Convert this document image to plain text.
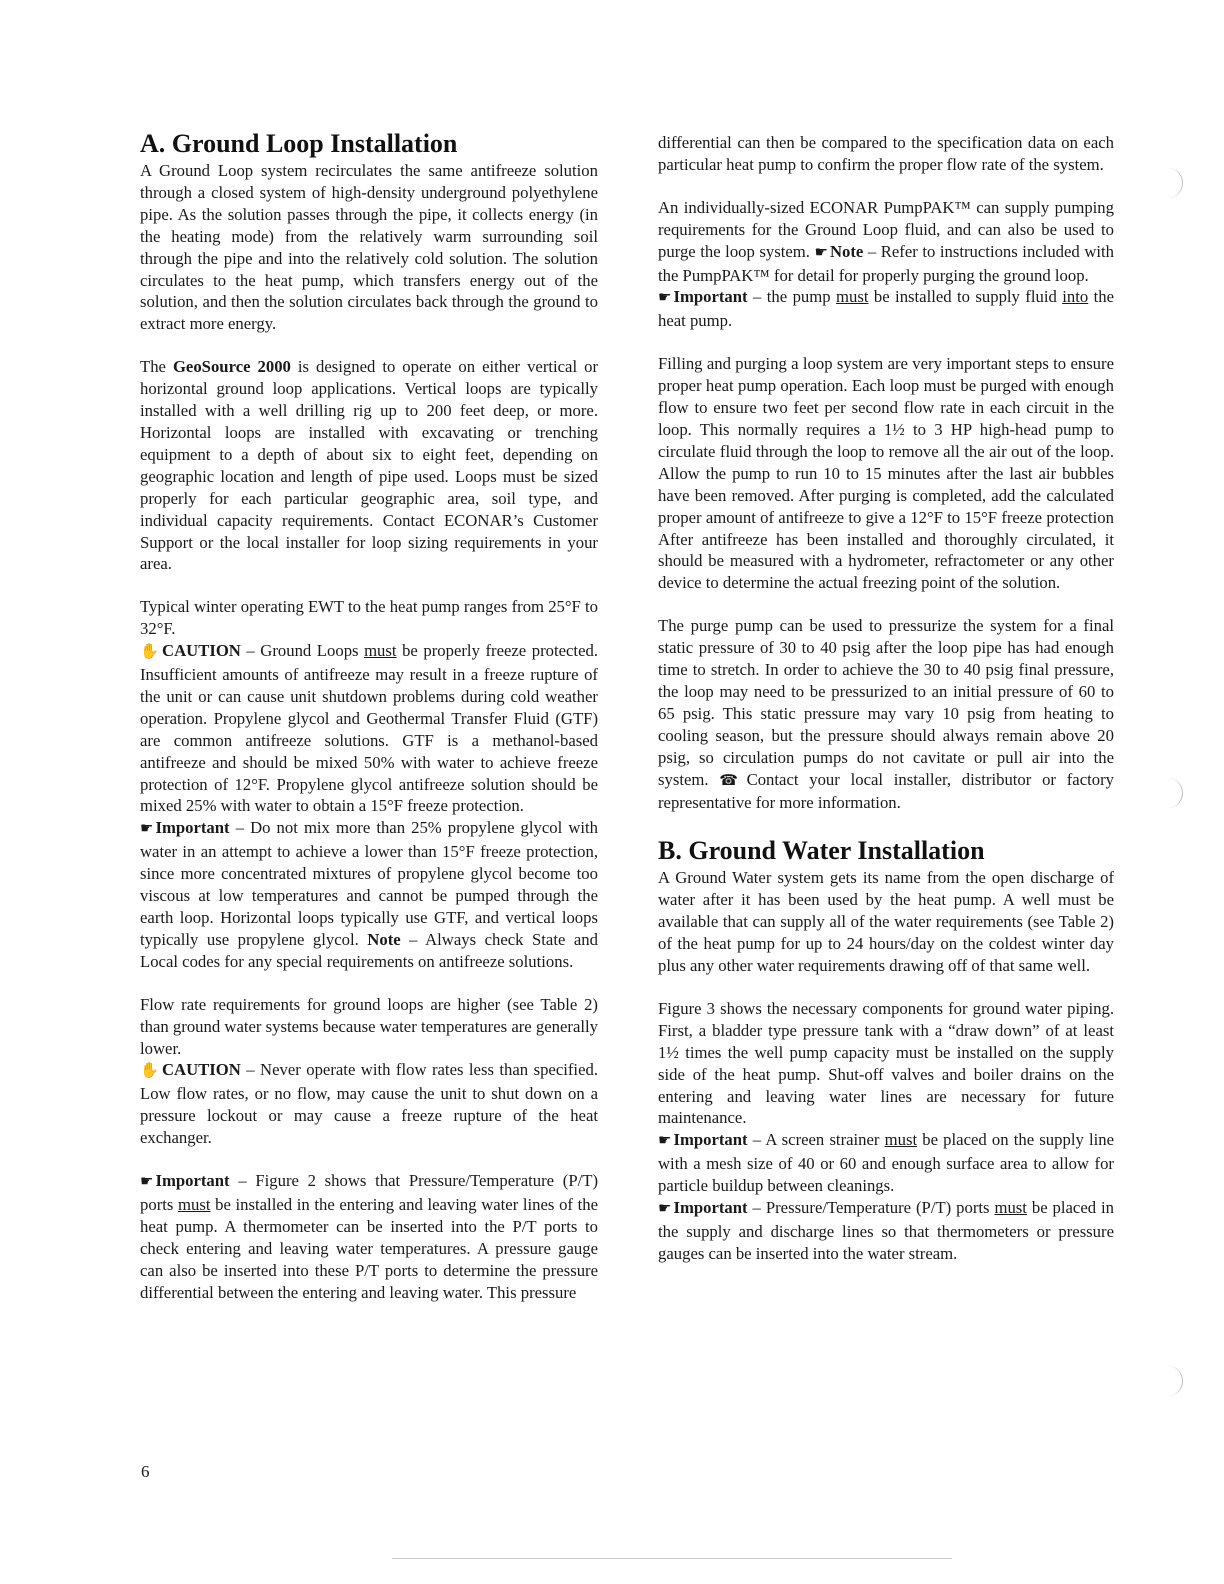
A. Ground Loop Installation

A Ground Loop system recirculates the same antifreeze solution through a closed system of high-density underground polyethylene pipe. As the solution passes through the pipe, it collects energy (in the heating mode) from the relatively warm surrounding soil through the pipe and into the relatively cold solution. The solution circulates to the heat pump, which transfers energy out of the solution, and then the solution circulates back through the ground to extract more energy.

The GeoSource 2000 is designed to operate on either vertical or horizontal ground loop applications. Vertical loops are typically installed with a well drilling rig up to 200 feet deep, or more. Horizontal loops are installed with excavating or trenching equipment to a depth of about six to eight feet, depending on geographic location and length of pipe used. Loops must be sized properly for each particular geographic area, soil type, and individual capacity requirements. Contact ECONAR’s Customer Support or the local installer for loop sizing requirements in your area.

Typical winter operating EWT to the heat pump ranges from 25°F to 32°F.

✋ CAUTION – Ground Loops must be properly freeze protected. Insufficient amounts of antifreeze may result in a freeze rupture of the unit or can cause unit shutdown problems during cold weather operation. Propylene glycol and Geothermal Transfer Fluid (GTF) are common antifreeze solutions. GTF is a methanol-based antifreeze and should be mixed 50% with water to achieve freeze protection of 12°F. Propylene glycol antifreeze solution should be mixed 25% with water to obtain a 15°F freeze protection.

☛ Important – Do not mix more than 25% propylene glycol with water in an attempt to achieve a lower than 15°F freeze protection, since more concentrated mixtures of propylene glycol become too viscous at low temperatures and cannot be pumped through the earth loop. Horizontal loops typically use GTF, and vertical loops typically use propylene glycol. Note – Always check State and Local codes for any special requirements on antifreeze solutions.

Flow rate requirements for ground loops are higher (see Table 2) than ground water systems because water temperatures are generally lower.

✋ CAUTION – Never operate with flow rates less than specified. Low flow rates, or no flow, may cause the unit to shut down on a pressure lockout or may cause a freeze rupture of the heat exchanger.

☛ Important – Figure 2 shows that Pressure/Temperature (P/T) ports must be installed in the entering and leaving water lines of the heat pump. A thermometer can be inserted into the P/T ports to check entering and leaving water temperatures. A pressure gauge can also be inserted into these P/T ports to determine the pressure differential between the entering and leaving water. This pressure

6

differential can then be compared to the specification data on each particular heat pump to confirm the proper flow rate of the system.

An individually-sized ECONAR PumpPAK™ can supply pumping requirements for the Ground Loop fluid, and can also be used to purge the loop system. ☛ Note – Refer to instructions included with the PumpPAK™ for detail for properly purging the ground loop.

☛ Important – the pump must be installed to supply fluid into the heat pump.

Filling and purging a loop system are very important steps to ensure proper heat pump operation. Each loop must be purged with enough flow to ensure two feet per second flow rate in each circuit in the loop. This normally requires a 1½ to 3 HP high-head pump to circulate fluid through the loop to remove all the air out of the loop. Allow the pump to run 10 to 15 minutes after the last air bubbles have been removed. After purging is completed, add the calculated proper amount of antifreeze to give a 12°F to 15°F freeze protection After antifreeze has been installed and thoroughly circulated, it should be measured with a hydrometer, refractometer or any other device to determine the actual freezing point of the solution.

The purge pump can be used to pressurize the system for a final static pressure of 30 to 40 psig after the loop pipe has had enough time to stretch. In order to achieve the 30 to 40 psig final pressure, the loop may need to be pressurized to an initial pressure of 60 to 65 psig. This static pressure may vary 10 psig from heating to cooling season, but the pressure should always remain above 20 psig, so circulation pumps do not cavitate or pull air into the system. ☎ Contact your local installer, distributor or factory representative for more information.

B. Ground Water Installation

A Ground Water system gets its name from the open discharge of water after it has been used by the heat pump. A well must be available that can supply all of the water requirements (see Table 2) of the heat pump for up to 24 hours/day on the coldest winter day plus any other water requirements drawing off of that same well.

Figure 3 shows the necessary components for ground water piping. First, a bladder type pressure tank with a “draw down” of at least 1½ times the well pump capacity must be installed on the supply side of the heat pump. Shut-off valves and boiler drains on the entering and leaving water lines are necessary for future maintenance.

☛ Important – A screen strainer must be placed on the supply line with a mesh size of 40 or 60 and enough surface area to allow for particle buildup between cleanings.

☛ Important – Pressure/Temperature (P/T) ports must be placed in the supply and discharge lines so that thermometers or pressure gauges can be inserted into the water stream.
